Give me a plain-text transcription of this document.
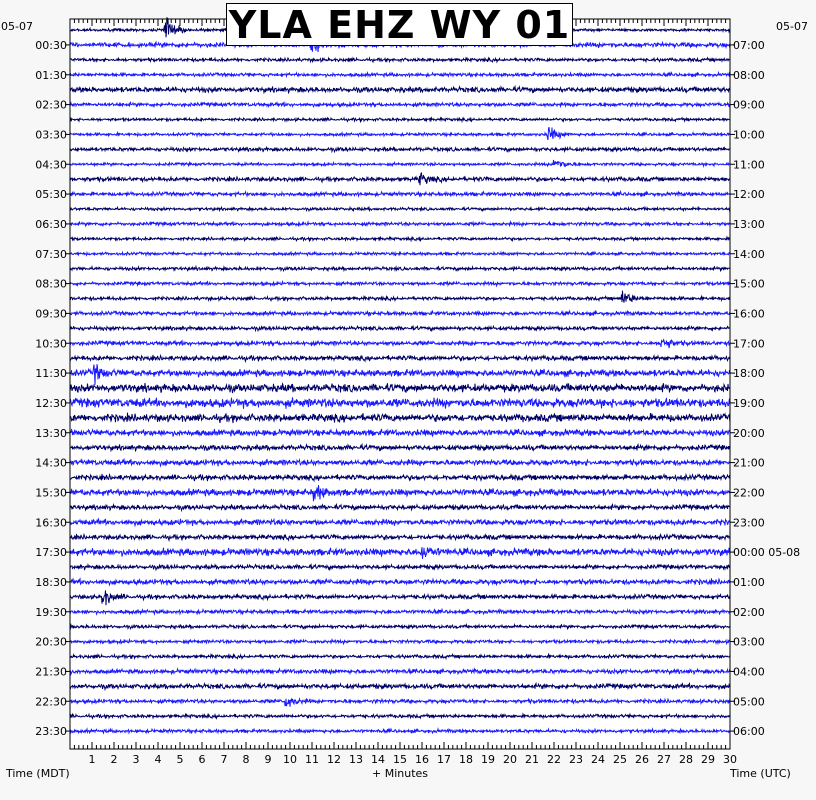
1 2 3 4 5 6 7 8 9 10 11 12 13 14 15 16 17 18 19 20 21 22 23 24 25 26 27 28 29 30
00:30
01:30
02:30
03:30
04:30
05:30
06:30
07:30
08:30
09:30
10:30
11:30
12:30
13:30
14:30
15:30
16:30
17:30
18:30
19:30
20:30
21:30
22:30
23:30
07:00
08:00
09:00
10:00
11:00
12:00
13:00
14:00
15:00
16:00
17:00
18:00
19:00
20:00
21:00
22:00
23:00
00:00 05-08
01:00
02:00
03:00
04:00
05:00
06:00
YLA EHZ WY 01
05-07	05-07
Time (MDT)	+ Minutes	Time (UTC)
